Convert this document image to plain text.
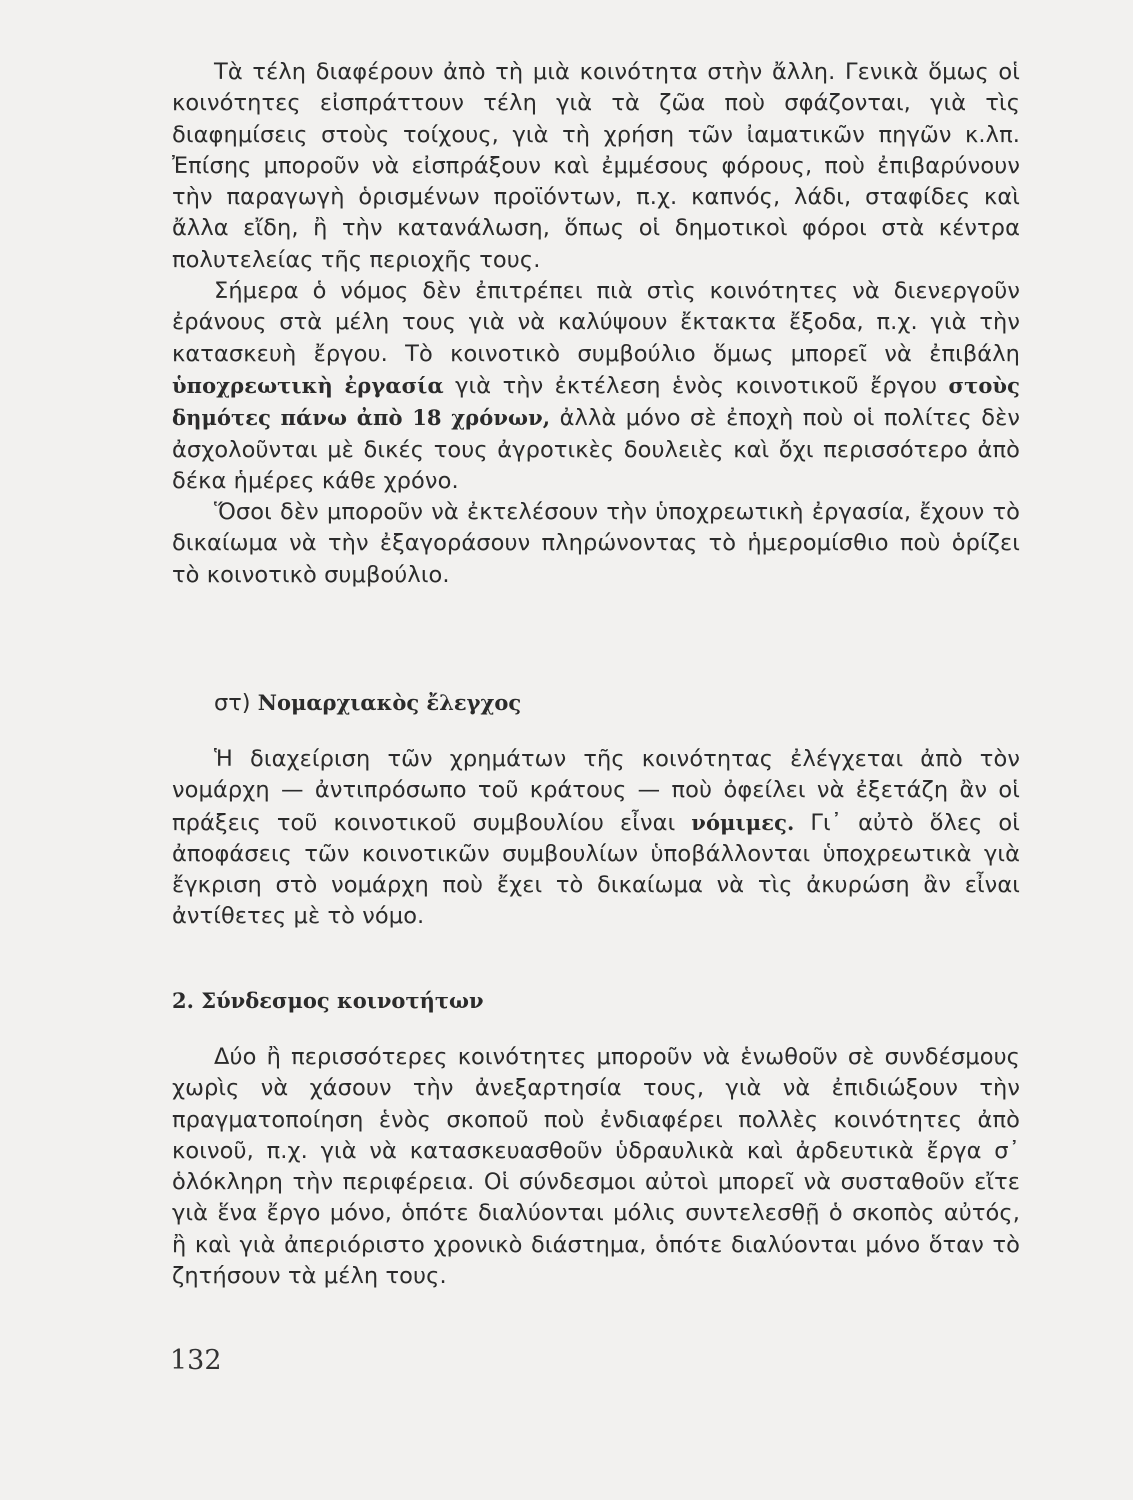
Τὰ τέλη διαφέρουν ἀπὸ τὴ μιὰ κοινότητα στὴν ἄλλη. Γενικὰ ὅμως οἱ κοινότητες εἰσπράττουν τέλη γιὰ τὰ ζῶα ποὺ σφάζονται, γιὰ τὶς διαφημίσεις στοὺς τοίχους, γιὰ τὴ χρήση τῶν ἰαματικῶν πηγῶν κ.λπ. Ἐπίσης μποροῦν νὰ εἰσπράξουν καὶ ἐμμέσους φόρους, ποὺ ἐπιβαρύνουν τὴν παραγωγὴ ὁρισμένων προϊόντων, π.χ. καπνός, λάδι, σταφίδες καὶ ἄλλα εἴδη, ἢ τὴν κατανάλωση, ὅπως οἱ δημοτικοὶ φόροι στὰ κέντρα πολυτελείας τῆς περιοχῆς τους.

Σήμερα ὁ νόμος δὲν ἐπιτρέπει πιὰ στὶς κοινότητες νὰ διενεργοῦν ἐράνους στὰ μέλη τους γιὰ νὰ καλύψουν ἔκτακτα ἔξοδα, π.χ. γιὰ τὴν κατασκευὴ ἔργου. Τὸ κοινοτικὸ συμβούλιο ὅμως μπορεῖ νὰ ἐπιβάλη ὑποχρεωτικὴ ἐργασία γιὰ τὴν ἐκτέλεση ἑνὸς κοινοτικοῦ ἔργου στοὺς δημότες πάνω ἀπὸ 18 χρόνων, ἀλλὰ μόνο σὲ ἐποχὴ ποὺ οἱ πολίτες δὲν ἀσχολοῦνται μὲ δικές τους ἀγροτικὲς δουλειὲς καὶ ὄχι περισσότερο ἀπὸ δέκα ἡμέρες κάθε χρόνο.

Ὅσοι δὲν μποροῦν νὰ ἐκτελέσουν τὴν ὑποχρεωτικὴ ἐργασία, ἔχουν τὸ δικαίωμα νὰ τὴν ἐξαγοράσουν πληρώνοντας τὸ ἡμερομίσθιο ποὺ ὁρίζει τὸ κοινοτικὸ συμβούλιο.

στ) Νομαρχιακὸς ἔλεγχος

Ἡ διαχείριση τῶν χρημάτων τῆς κοινότητας ἐλέγχεται ἀπὸ τὸν νομάρχη — ἀντιπρόσωπο τοῦ κράτους — ποὺ ὀφείλει νὰ ἐξετάζη ἂν οἱ πράξεις τοῦ κοινοτικοῦ συμβουλίου εἶναι νόμιμες. Γι᾽ αὐτὸ ὅλες οἱ ἀποφάσεις τῶν κοινοτικῶν συμβουλίων ὑποβάλλονται ὑποχρεωτικὰ γιὰ ἔγκριση στὸ νομάρχη ποὺ ἔχει τὸ δικαίωμα νὰ τὶς ἀκυρώση ἂν εἶναι ἀντίθετες μὲ τὸ νόμο.

2. Σύνδεσμος κοινοτήτων

Δύο ἢ περισσότερες κοινότητες μποροῦν νὰ ἑνωθοῦν σὲ συνδέσμους χωρὶς νὰ χάσουν τὴν ἀνεξαρτησία τους, γιὰ νὰ ἐπιδιώξουν τὴν πραγματοποίηση ἑνὸς σκοποῦ ποὺ ἐνδιαφέρει πολλὲς κοινότητες ἀπὸ κοινοῦ, π.χ. γιὰ νὰ κατασκευασθοῦν ὑδραυλικὰ καὶ ἀρδευτικὰ ἔργα σ᾽ ὁλόκληρη τὴν περιφέρεια. Οἱ σύνδεσμοι αὐτοὶ μπορεῖ νὰ συσταθοῦν εἴτε γιὰ ἕνα ἔργο μόνο, ὁπότε διαλύονται μόλις συντελεσθῇ ὁ σκοπὸς αὐτός, ἢ καὶ γιὰ ἀπεριόριστο χρονικὸ διάστημα, ὁπότε διαλύονται μόνο ὅταν τὸ ζητήσουν τὰ μέλη τους.

132
